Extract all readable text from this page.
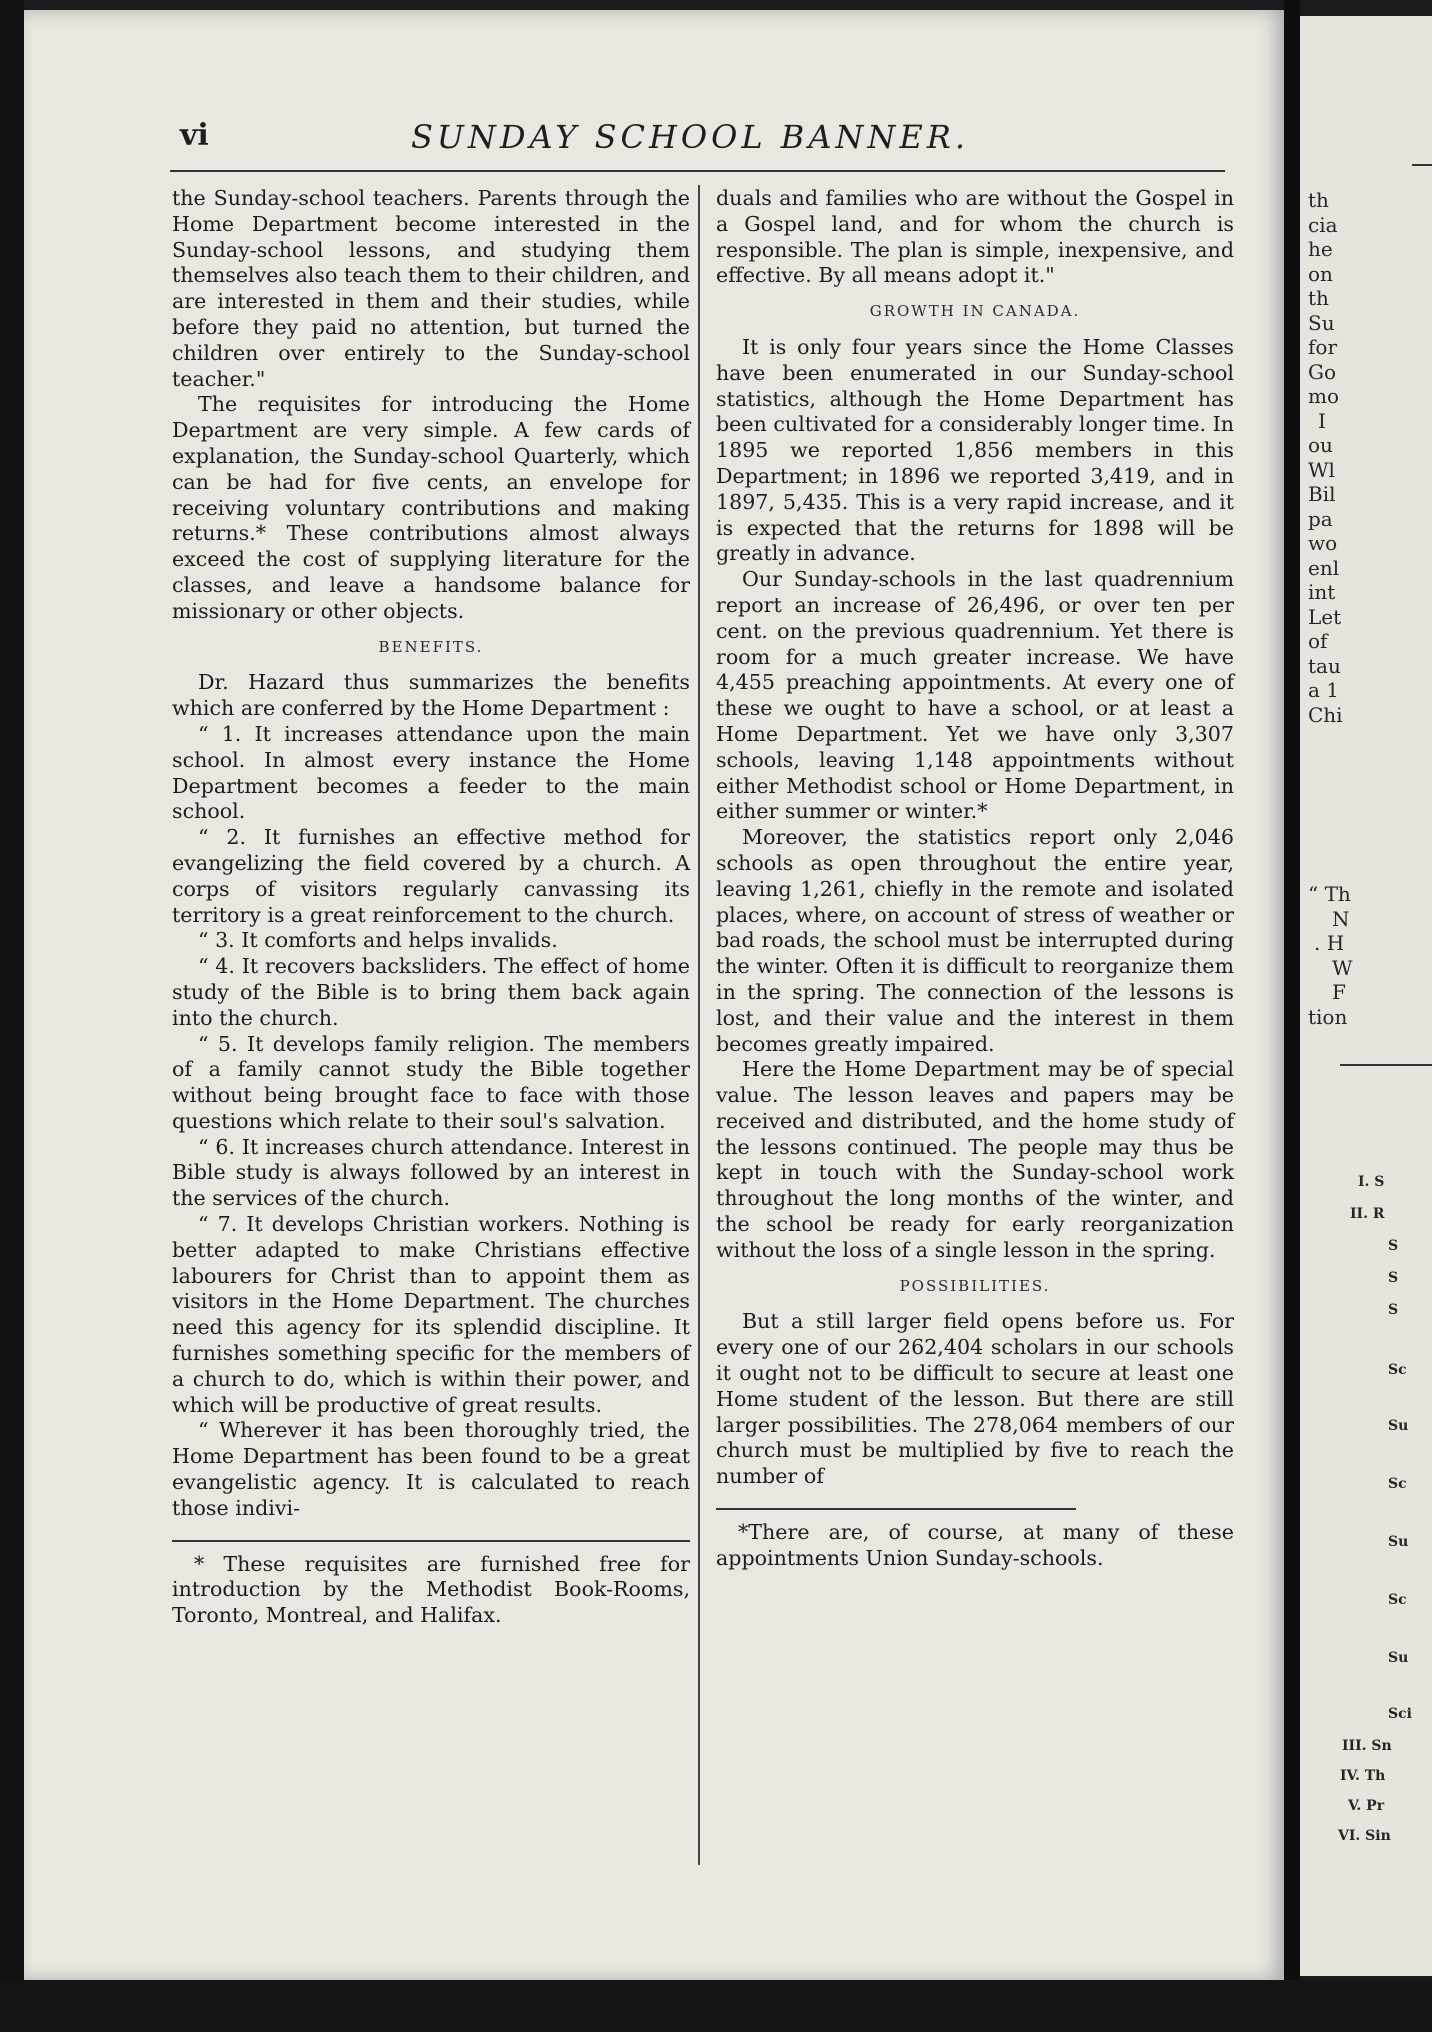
vi	SUNDAY SCHOOL BANNER.

the Sunday-school teachers. Parents through the Home Department become interested in the Sunday-school lessons, and studying them themselves also teach them to their children, and are interested in them and their studies, while before they paid no attention, but turned the children over entirely to the Sunday-school teacher."

The requisites for introducing the Home Department are very simple. A few cards of explanation, the Sunday-school Quarterly, which can be had for five cents, an envelope for receiving voluntary contributions and making returns.* These contributions almost always exceed the cost of supplying literature for the classes, and leave a handsome balance for missionary or other objects.

BENEFITS.

Dr. Hazard thus summarizes the benefits which are conferred by the Home Department :

“ 1. It increases attendance upon the main school. In almost every instance the Home Department becomes a feeder to the main school.

“ 2. It furnishes an effective method for evangelizing the field covered by a church. A corps of visitors regularly canvassing its territory is a great reinforcement to the church.

“ 3. It comforts and helps invalids.

“ 4. It recovers backsliders. The effect of home study of the Bible is to bring them back again into the church.

“ 5. It develops family religion. The members of a family cannot study the Bible together without being brought face to face with those questions which relate to their soul's salvation.

“ 6. It increases church attendance. Interest in Bible study is always followed by an interest in the services of the church.

“ 7. It develops Christian workers. Nothing is better adapted to make Christians effective labourers for Christ than to appoint them as visitors in the Home Department. The churches need this agency for its splendid discipline. It furnishes something specific for the members of a church to do, which is within their power, and which will be productive of great results.

“ Wherever it has been thoroughly tried, the Home Department has been found to be a great evangelistic agency. It is calculated to reach those indivi-

* These requisites are furnished free for introduction by the Methodist Book-Rooms, Toronto, Montreal, and Halifax.

duals and families who are without the Gospel in a Gospel land, and for whom the church is responsible. The plan is simple, inexpensive, and effective. By all means adopt it."

GROWTH IN CANADA.

It is only four years since the Home Classes have been enumerated in our Sunday-school statistics, although the Home Department has been cultivated for a considerably longer time. In 1895 we reported 1,856 members in this Department; in 1896 we reported 3,419, and in 1897, 5,435. This is a very rapid increase, and it is expected that the returns for 1898 will be greatly in advance.

Our Sunday-schools in the last quadrennium report an increase of 26,496, or over ten per cent. on the previous quadrennium. Yet there is room for a much greater increase. We have 4,455 preaching appointments. At every one of these we ought to have a school, or at least a Home Department. Yet we have only 3,307 schools, leaving 1,148 appointments without either Methodist school or Home Department, in either summer or winter.*

Moreover, the statistics report only 2,046 schools as open throughout the entire year, leaving 1,261, chiefly in the remote and isolated places, where, on account of stress of weather or bad roads, the school must be interrupted during the winter. Often it is difficult to reorganize them in the spring. The connection of the lessons is lost, and their value and the interest in them becomes greatly impaired.

Here the Home Department may be of special value. The lesson leaves and papers may be received and distributed, and the home study of the lessons continued. The people may thus be kept in touch with the Sunday-school work throughout the long months of the winter, and the school be ready for early reorganization without the loss of a single lesson in the spring.

POSSIBILITIES.

But a still larger field opens before us. For every one of our 262,404 scholars in our schools it ought not to be difficult to secure at least one Home student of the lesson. But there are still larger possibilities. The 278,064 members of our church must be multiplied by five to reach the number of

*There are, of course, at many of these appointments Union Sunday-schools.

th
cia
he
on
th
Su
for
Go
mo
I
ou
Wl
Bil
pa
wo
enl
int
Let
of
tau
a 1
Chi
“ Th
N
. H
W
F
tion
I. S
II. R
S
S
S
Sc
Su
Sc
Su
Sc
Su
Sci
III. Sn
IV. Th
V. Pr
VI. Sin
